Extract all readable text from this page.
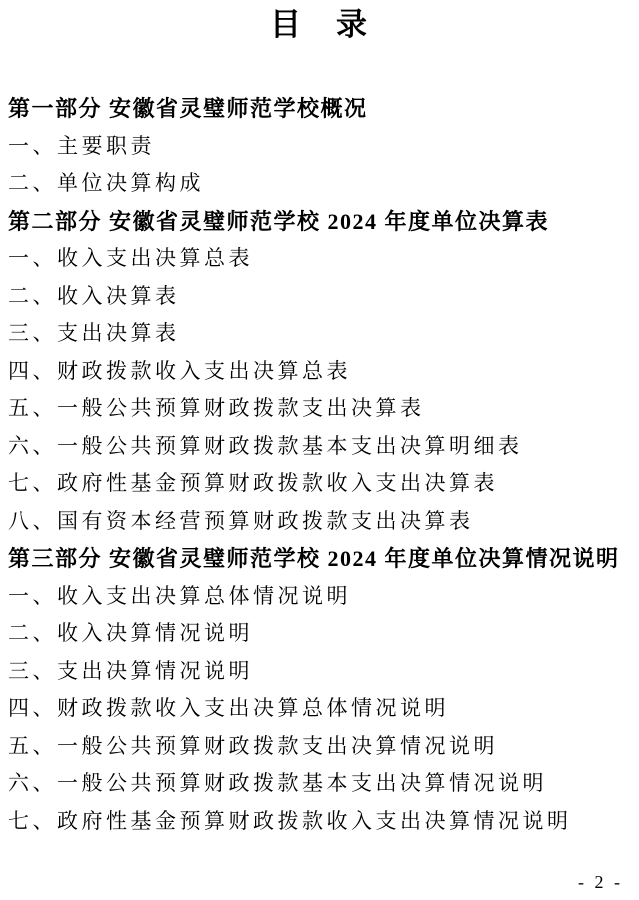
目　录
第一部分 安徽省灵璧师范学校概况
一、主要职责
二、单位决算构成
第二部分 安徽省灵璧师范学校 2024 年度单位决算表
一、收入支出决算总表
二、收入决算表
三、支出决算表
四、财政拨款收入支出决算总表
五、一般公共预算财政拨款支出决算表
六、一般公共预算财政拨款基本支出决算明细表
七、政府性基金预算财政拨款收入支出决算表
八、国有资本经营预算财政拨款支出决算表
第三部分 安徽省灵璧师范学校 2024 年度单位决算情况说明
一、收入支出决算总体情况说明
二、收入决算情况说明
三、支出决算情况说明
四、财政拨款收入支出决算总体情况说明
五、一般公共预算财政拨款支出决算情况说明
六、一般公共预算财政拨款基本支出决算情况说明
七、政府性基金预算财政拨款收入支出决算情况说明
- 2 -
